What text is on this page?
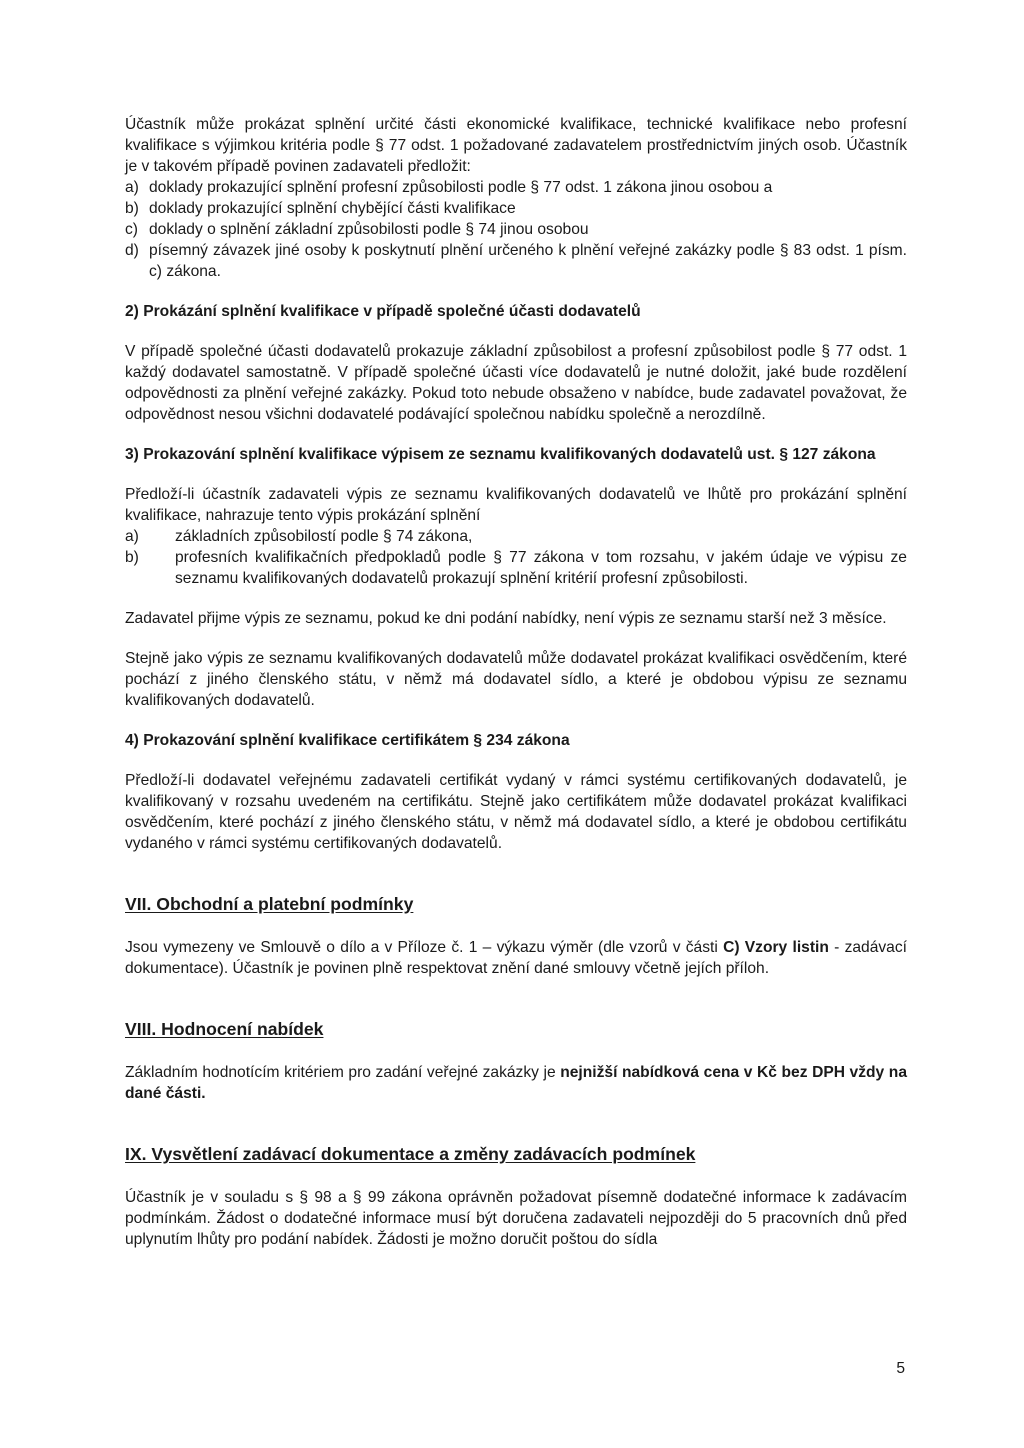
Účastník může prokázat splnění určité části ekonomické kvalifikace, technické kvalifikace nebo profesní kvalifikace s výjimkou kritéria podle § 77 odst. 1 požadované zadavatelem prostřednictvím jiných osob. Účastník je v takovém případě povinen zadavateli předložit:

a) doklady prokazující splnění profesní způsobilosti podle § 77 odst. 1 zákona jinou osobou a
b) doklady prokazující splnění chybějící části kvalifikace
c) doklady o splnění základní způsobilosti podle § 74 jinou osobou
d) písemný závazek jiné osoby k poskytnutí plnění určeného k plnění veřejné zakázky podle § 83 odst. 1 písm. c) zákona.

2) Prokázání splnění kvalifikace v případě společné účasti dodavatelů

V případě společné účasti dodavatelů prokazuje základní způsobilost a profesní způsobilost podle § 77 odst. 1 každý dodavatel samostatně. V případě společné účasti více dodavatelů je nutné doložit, jaké bude rozdělení odpovědnosti za plnění veřejné zakázky. Pokud toto nebude obsaženo v nabídce, bude zadavatel považovat, že odpovědnost nesou všichni dodavatelé podávající společnou nabídku společně a nerozdílně.

3) Prokazování splnění kvalifikace výpisem ze seznamu kvalifikovaných dodavatelů ust. § 127 zákona

Předloží-li účastník zadavateli výpis ze seznamu kvalifikovaných dodavatelů ve lhůtě pro prokázání splnění kvalifikace, nahrazuje tento výpis prokázání splnění

a)	základních způsobilostí podle § 74 zákona,
b)	profesních kvalifikačních předpokladů podle § 77 zákona v tom rozsahu, v jakém údaje ve výpisu ze seznamu kvalifikovaných dodavatelů prokazují splnění kritérií profesní způsobilosti.

Zadavatel přijme výpis ze seznamu, pokud ke dni podání nabídky, není výpis ze seznamu starší než 3 měsíce.

Stejně jako výpis ze seznamu kvalifikovaných dodavatelů může dodavatel prokázat kvalifikaci osvědčením, které pochází z jiného členského státu, v němž má dodavatel sídlo, a které je obdobou výpisu ze seznamu kvalifikovaných dodavatelů.

4) Prokazování splnění kvalifikace certifikátem § 234 zákona

Předloží-li dodavatel veřejnému zadavateli certifikát vydaný v rámci systému certifikovaných dodavatelů, je kvalifikovaný v rozsahu uvedeném na certifikátu. Stejně jako certifikátem může dodavatel prokázat kvalifikaci osvědčením, které pochází z jiného členského státu, v němž má dodavatel sídlo, a které je obdobou certifikátu vydaného v rámci systému certifikovaných dodavatelů.

VII. Obchodní a platební podmínky

Jsou vymezeny ve Smlouvě o dílo a v Příloze č. 1 – výkazu výměr (dle vzorů v části C) Vzory listin - zadávací dokumentace). Účastník je povinen plně respektovat znění dané smlouvy včetně jejích příloh.

VIII. Hodnocení nabídek

Základním hodnotícím kritériem pro zadání veřejné zakázky je nejnižší nabídková cena v Kč bez DPH vždy na dané části.

IX. Vysvětlení zadávací dokumentace a změny zadávacích podmínek

Účastník je v souladu s § 98 a § 99 zákona oprávněn požadovat písemně dodatečné informace k zadávacím podmínkám. Žádost o dodatečné informace musí být doručena zadavateli nejpozději do 5 pracovních dnů před uplynutím lhůty pro podání nabídek. Žádosti je možno doručit poštou do sídla

5
